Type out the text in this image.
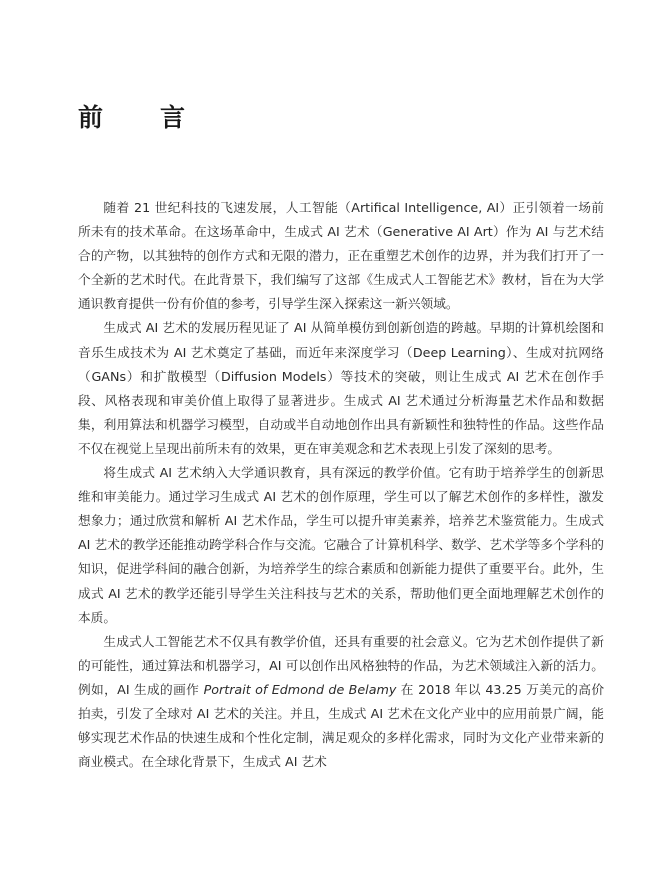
前　言

随着 21 世纪科技的飞速发展，人工智能（Artifical Intelligence, AI）正引领着一场前所未有的技术革命。在这场革命中，生成式 AI 艺术（Generative AI Art）作为 AI 与艺术结合的产物，以其独特的创作方式和无限的潜力，正在重塑艺术创作的边界，并为我们打开了一个全新的艺术时代。在此背景下，我们编写了这部《生成式人工智能艺术》教材，旨在为大学通识教育提供一份有价值的参考，引导学生深入探索这一新兴领域。

生成式 AI 艺术的发展历程见证了 AI 从简单模仿到创新创造的跨越。早期的计算机绘图和音乐生成技术为 AI 艺术奠定了基础，而近年来深度学习（Deep Learning）、生成对抗网络（GANs）和扩散模型（Diffusion Models）等技术的突破，则让生成式 AI 艺术在创作手段、风格表现和审美价值上取得了显著进步。生成式 AI 艺术通过分析海量艺术作品和数据集，利用算法和机器学习模型，自动或半自动地创作出具有新颖性和独特性的作品。这些作品不仅在视觉上呈现出前所未有的效果，更在审美观念和艺术表现上引发了深刻的思考。

将生成式 AI 艺术纳入大学通识教育，具有深远的教学价值。它有助于培养学生的创新思维和审美能力。通过学习生成式 AI 艺术的创作原理，学生可以了解艺术创作的多样性，激发想象力；通过欣赏和解析 AI 艺术作品，学生可以提升审美素养，培养艺术鉴赏能力。生成式 AI 艺术的教学还能推动跨学科合作与交流。它融合了计算机科学、数学、艺术学等多个学科的知识，促进学科间的融合创新，为培养学生的综合素质和创新能力提供了重要平台。此外，生成式 AI 艺术的教学还能引导学生关注科技与艺术的关系，帮助他们更全面地理解艺术创作的本质。

生成式人工智能艺术不仅具有教学价值，还具有重要的社会意义。它为艺术创作提供了新的可能性，通过算法和机器学习，AI 可以创作出风格独特的作品，为艺术领域注入新的活力。例如，AI 生成的画作 Portrait of Edmond de Belamy 在 2018 年以 43.25 万美元的高价拍卖，引发了全球对 AI 艺术的关注。并且，生成式 AI 艺术在文化产业中的应用前景广阔，能够实现艺术作品的快速生成和个性化定制，满足观众的多样化需求，同时为文化产业带来新的商业模式。在全球化背景下，生成式 AI 艺术
